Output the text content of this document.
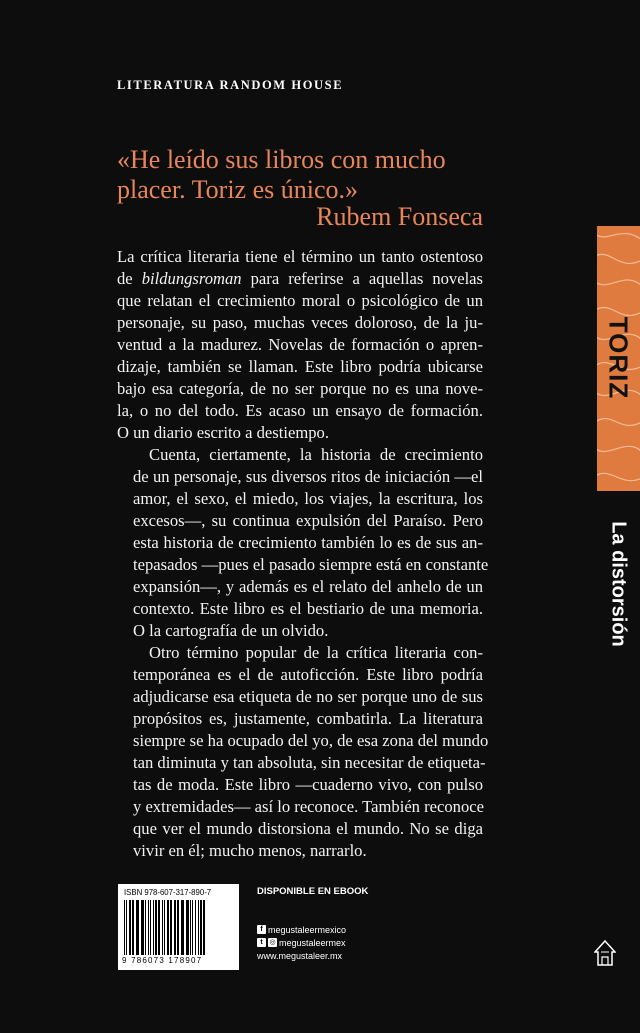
LITERATURA RANDOM HOUSE
«He leído sus libros con mucho placer. Toriz es único.»
Rubem Fonseca
La crítica literaria tiene el término un tanto ostentoso
de bildungsroman para referirse a aquellas novelas
que relatan el crecimiento moral o psicológico de un
personaje, su paso, muchas veces doloroso, de la ju-
ventud a la madurez. Novelas de formación o apren-
dizaje, también se llaman. Este libro podría ubicarse
bajo esa categoría, de no ser porque no es una nove-
la, o no del todo. Es acaso un ensayo de formación.
O un diario escrito a destiempo.
Cuenta, ciertamente, la historia de crecimiento
de un personaje, sus diversos ritos de iniciación —el
amor, el sexo, el miedo, los viajes, la escritura, los
excesos—, su continua expulsión del Paraíso. Pero
esta historia de crecimiento también lo es de sus an-
tepasados —pues el pasado siempre está en constante
expansión—, y además es el relato del anhelo de un
contexto. Este libro es el bestiario de una memoria.
O la cartografía de un olvido.
Otro término popular de la crítica literaria con-
temporánea es el de autoficción. Este libro podría
adjudicarse esa etiqueta de no ser porque uno de sus
propósitos es, justamente, combatirla. La literatura
siempre se ha ocupado del yo, de esa zona del mundo
tan diminuta y tan absoluta, sin necesitar de etiqueta-
tas de moda. Este libro —cuaderno vivo, con pulso
y extremidades— así lo reconoce. También reconoce
que ver el mundo distorsiona el mundo. No se diga
vivir en él; mucho menos, narrarlo.
TORIZ
La distorsión
ISBN 978-607-317-890-7
9 786073 178907
DISPONIBLE EN EBOOK
f megustaleermexico
t ◎ megustaleermex
www.megustaleer.mx
